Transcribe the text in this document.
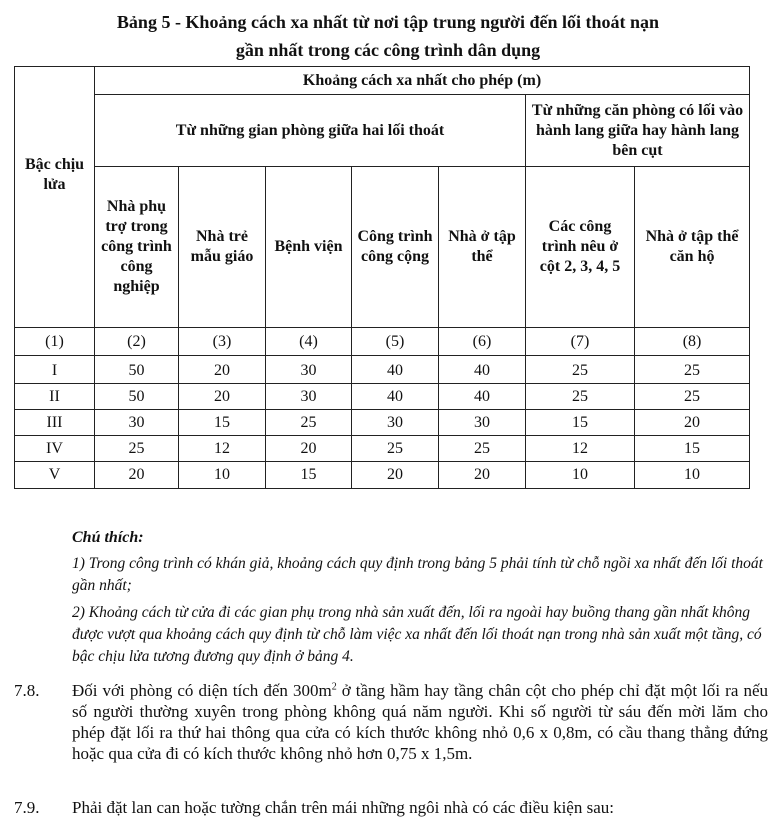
Bảng 5 - Khoảng cách xa nhất từ nơi tập trung người đến lối thoát nạn
gần nhất trong các công trình dân dụng
Bậc chịu lửa	Khoảng cách xa nhất cho phép (m)						
	Từ những gian phòng giữa hai lối thoát					Từ những căn phòng có lối vào hành lang giữa hay hành lang bên cụt	
	Nhà phụ trợ trong công trình công nghiệp	Nhà trẻ mẫu giáo	Bệnh viện	Công trình công cộng	Nhà ở tập thể	Các công trình nêu ở cột 2, 3, 4, 5	Nhà ở tập thể căn hộ
(1)	(2)	(3)	(4)	(5)	(6)	(7)	(8)
I	50	20	30	40	40	25	25
II	50	20	30	40	40	25	25
III	30	15	25	30	30	15	20
IV	25	12	20	25	25	12	15
V	20	10	15	20	20	10	10
Chú thích:
1) Trong công trình có khán giả, khoảng cách quy định trong bảng 5 phải tính từ chỗ ngồi xa nhất đến lối thoát gần nhất;
2) Khoảng cách từ cửa đi các gian phụ trong nhà sản xuất đến, lối ra ngoài hay buồng thang gần nhất không được vượt qua khoảng cách quy định từ chỗ làm việc xa nhất đến lối thoát nạn trong nhà sản xuất một tầng, có bậc chịu lửa tương đương quy định ở bảng 4.
7.8. Đối với phòng có diện tích đến $300m^2$ ở tầng hầm hay tầng chân cột cho phép chỉ đặt một lối ra nếu số người thường xuyên trong phòng không quá năm người. Khi số người từ sáu đến mời lăm cho phép đặt lối ra thứ hai thông qua cửa có kích thước không nhỏ 0,6 x 0,8m, có cầu thang thẳng đứng hoặc qua cửa đi có kích thước không nhỏ hơn 0,75 x 1,5m.
7.9. Phải đặt lan can hoặc tường chắn trên mái những ngôi nhà có các điều kiện sau:
